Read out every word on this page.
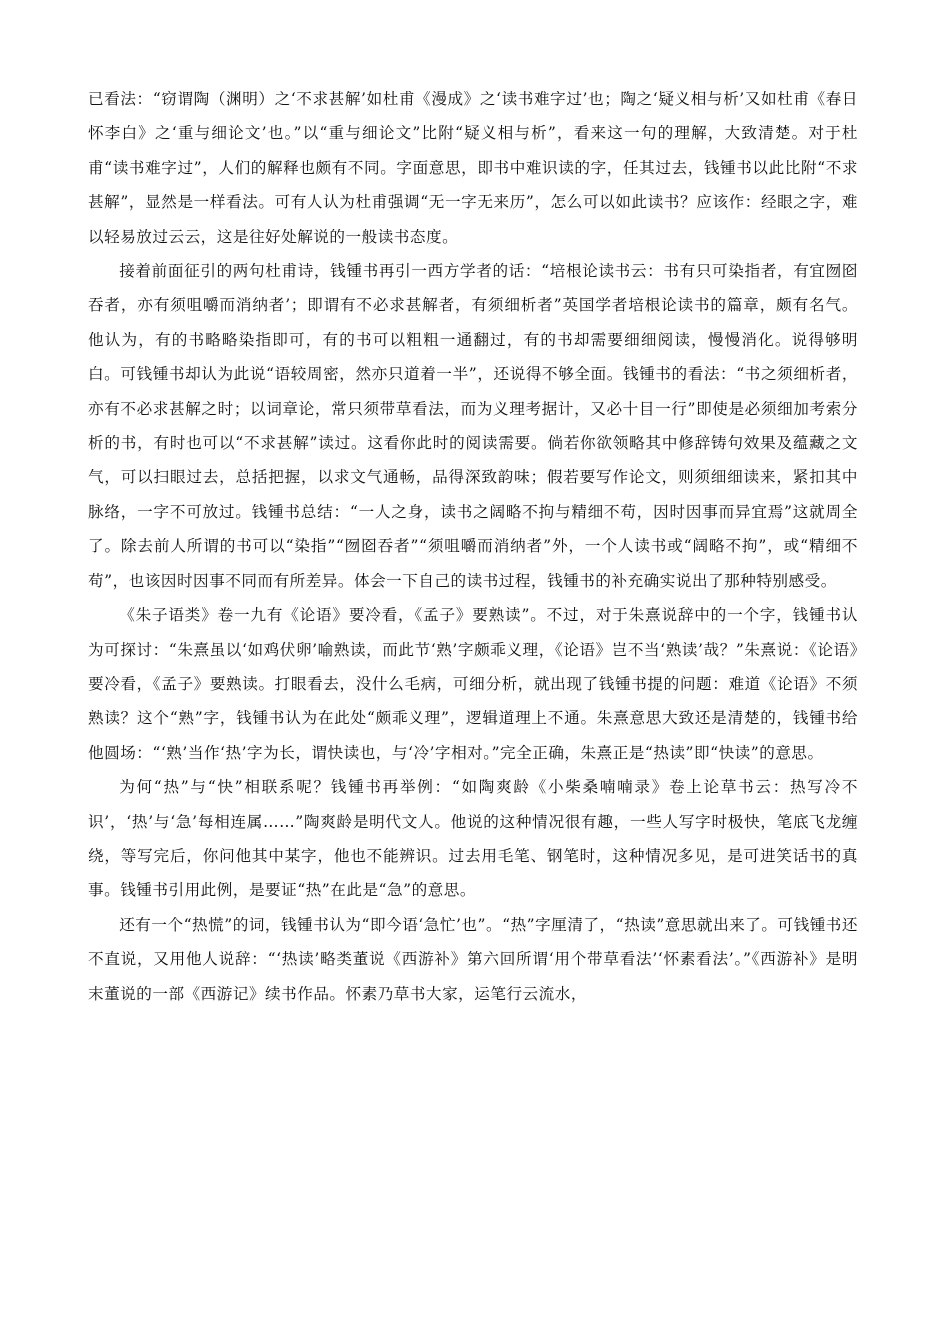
已看法：“窃谓陶（渊明）之‘不求甚解’如杜甫《漫成》之‘读书难字过’也；陶之‘疑义相与析’又如杜甫《春日怀李白》之‘重与细论文’也。”以“重与细论文”比附“疑义相与析”，看来这一句的理解，大致清楚。对于杜甫“读书难字过”，人们的解释也颇有不同。字面意思，即书中难识读的字，任其过去，钱锺书以此比附“不求甚解”，显然是一样看法。可有人认为杜甫强调“无一字无来历”，怎么可以如此读书？应该作：经眼之字，难以轻易放过云云，这是往好处解说的一般读书态度。

接着前面征引的两句杜甫诗，钱锺书再引一西方学者的话：“培根论读书云：书有只可染指者，有宜囫囵吞者，亦有须咀嚼而消纳者’；即谓有不必求甚解者，有须细析者”英国学者培根论读书的篇章，颇有名气。他认为，有的书略略染指即可，有的书可以粗粗一通翻过，有的书却需要细细阅读，慢慢消化。说得够明白。可钱锺书却认为此说“语较周密，然亦只道着一半”，还说得不够全面。钱锺书的看法：“书之须细析者，亦有不必求甚解之时；以词章论，常只须带草看法，而为义理考据计，又必十目一行”即使是必须细加考索分析的书，有时也可以“不求甚解”读过。这看你此时的阅读需要。倘若你欲领略其中修辞铸句效果及蕴藏之文气，可以扫眼过去，总括把握，以求文气通畅，品得深致韵味；假若要写作论文，则须细细读来，紧扣其中脉络，一字不可放过。钱锺书总结：“一人之身，读书之阔略不拘与精细不苟，因时因事而异宜焉”这就周全了。除去前人所谓的书可以“染指”“囫囵吞者”“须咀嚼而消纳者”外，一个人读书或“阔略不拘”，或“精细不苟”，也该因时因事不同而有所差异。体会一下自己的读书过程，钱锺书的补充确实说出了那种特别感受。

《朱子语类》卷一九有《论语》要冷看，《孟子》要熟读”。不过，对于朱熹说辞中的一个字，钱锺书认为可探讨：“朱熹虽以‘如鸡伏卵’喻熟读，而此节‘熟’字颇乖义理，《论语》岂不当‘熟读’哉？”朱熹说：《论语》要冷看，《孟子》要熟读。打眼看去，没什么毛病，可细分析，就出现了钱锺书提的问题：难道《论语》不须熟读？这个“熟”字，钱锺书认为在此处“颇乖义理”，逻辑道理上不通。朱熹意思大致还是清楚的，钱锺书给他圆场：“‘熟’当作‘热’字为长，谓快读也，与‘冷’字相对。”完全正确，朱熹正是“热读”即“快读”的意思。

为何“热”与“快”相联系呢？钱锺书再举例：“如陶爽龄《小柴桑喃喃录》卷上论草书云：热写冷不识’，‘热’与‘急’每相连属……”陶爽龄是明代文人。他说的这种情况很有趣，一些人写字时极快，笔底飞龙缠绕，等写完后，你问他其中某字，他也不能辨识。过去用毛笔、钢笔时，这种情况多见，是可进笑话书的真事。钱锺书引用此例，是要证“热”在此是“急”的意思。

还有一个“热慌”的词，钱锺书认为“即今语‘急忙’也”。“热”字厘清了，“热读”意思就出来了。可钱锺书还不直说，又用他人说辞：“‘热读’略类董说《西游补》第六回所谓‘用个带草看法’‘怀素看法’。”《西游补》是明末董说的一部《西游记》续书作品。怀素乃草书大家，运笔行云流水，
